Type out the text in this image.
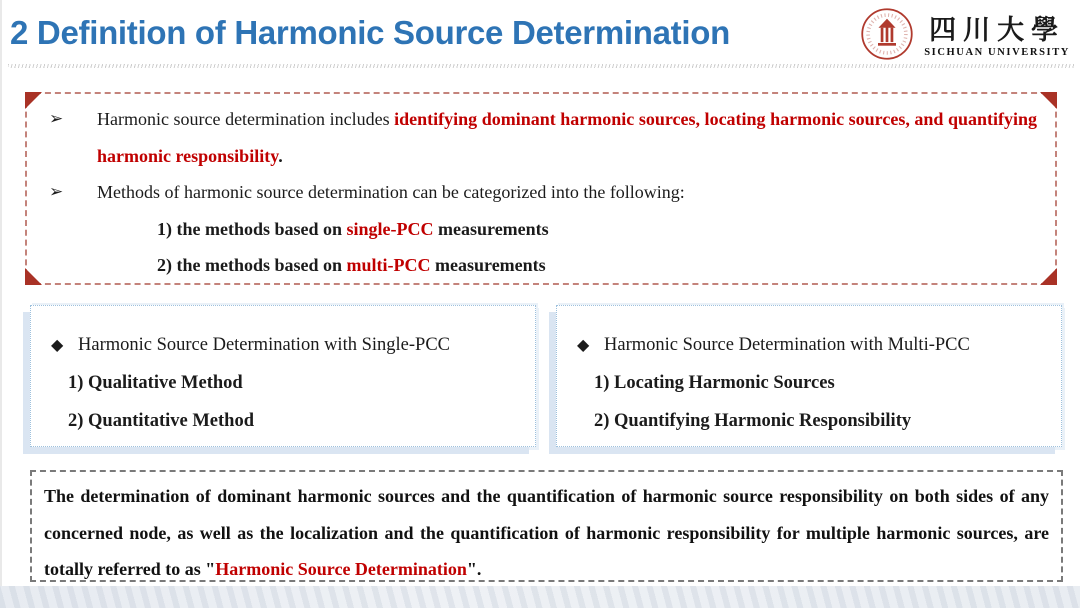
2 Definition of Harmonic Source Determination	四川大學
SICHUAN UNIVERSITY
➢ Harmonic source determination includes identifying dominant harmonic sources, locating harmonic sources, and quantifying harmonic responsibility.
➢ Methods of harmonic source determination can be categorized into the following:
1) the methods based on single-PCC measurements
2) the methods based on multi-PCC measurements
◆ Harmonic Source Determination with Single-PCC
1) Qualitative Method
2) Quantitative Method
◆ Harmonic Source Determination with Multi-PCC
1) Locating Harmonic Sources
2) Quantifying Harmonic Responsibility
The determination of dominant harmonic sources and the quantification of harmonic source responsibility on both sides of any concerned node, as well as the localization and the quantification of harmonic responsibility for multiple harmonic sources, are totally referred to as "Harmonic Source Determination".
